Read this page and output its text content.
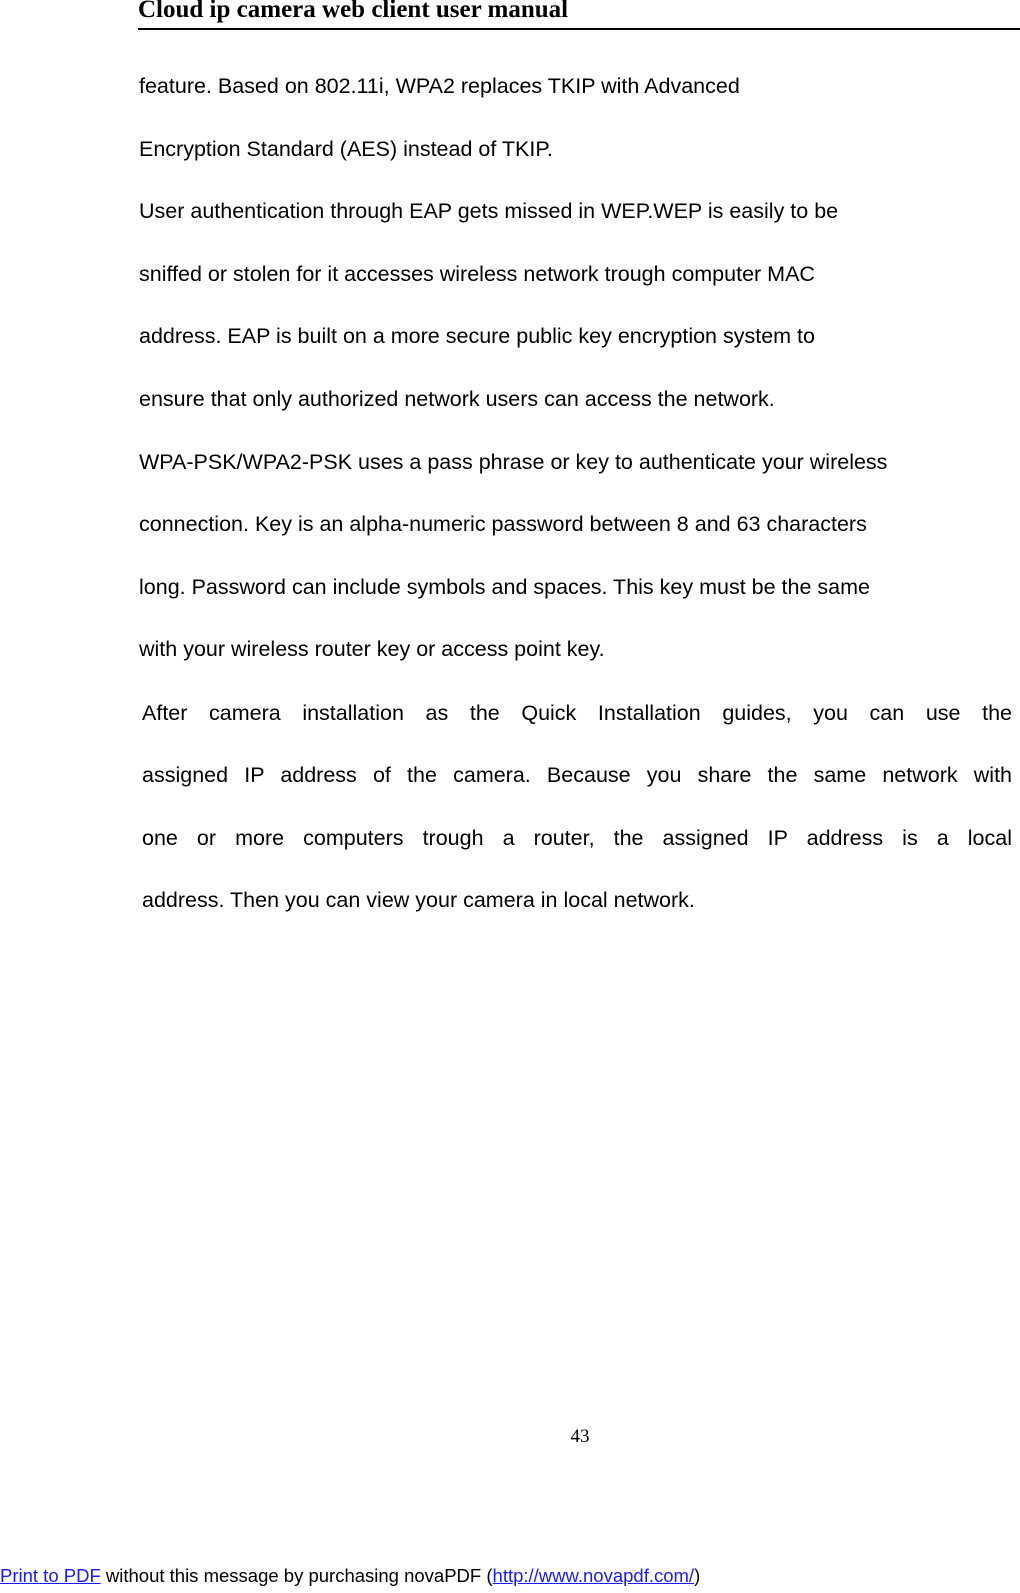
Cloud ip camera web client user manual
feature. Based on 802.11i, WPA2 replaces TKIP with Advanced
Encryption Standard (AES) instead of TKIP.
User authentication through EAP gets missed in WEP.WEP is easily to be
sniffed or stolen for it accesses wireless network trough computer MAC
address. EAP is built on a more secure public key encryption system to
ensure that only authorized network users can access the network.
WPA-PSK/WPA2-PSK uses a pass phrase or key to authenticate your wireless
connection. Key is an alpha-numeric password between 8 and 63 characters
long. Password can include symbols and spaces. This key must be the same
with your wireless router key or access point key.
After camera installation as the Quick Installation guides, you can use the
assigned IP address of the camera. Because you share the same network with
one or more computers trough a router, the assigned IP address is a local
address. Then you can view your camera in local network.
43
Print to PDF without this message by purchasing novaPDF (http://www.novapdf.com/)
